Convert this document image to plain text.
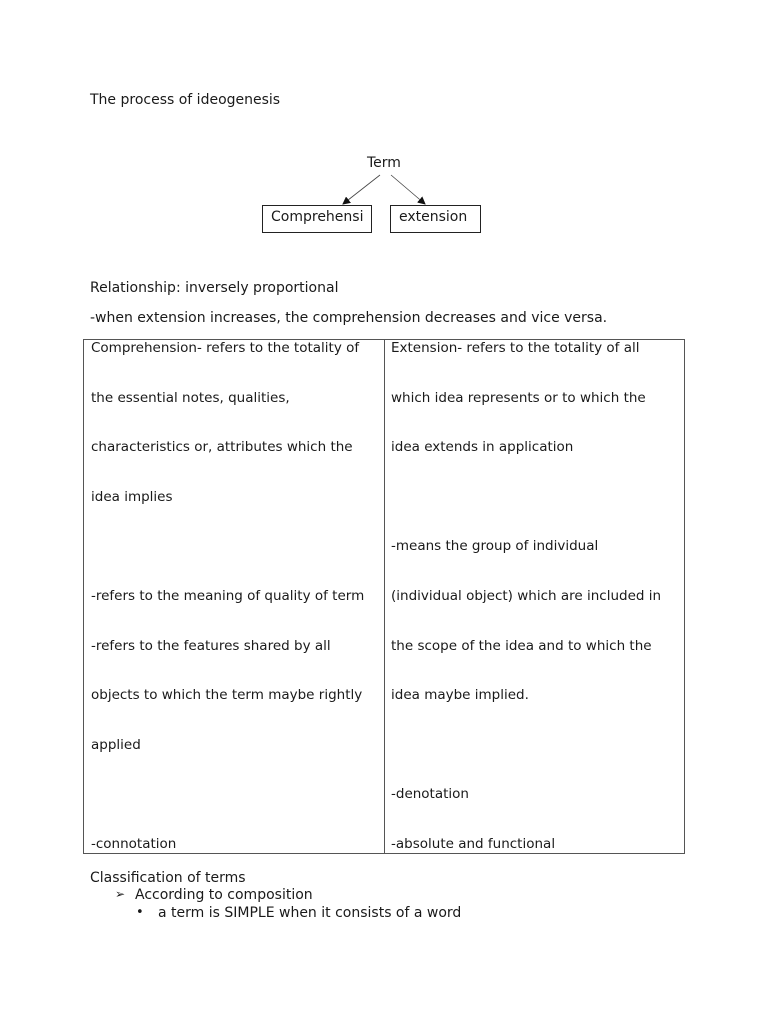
The process of ideogenesis
Term
Comprehensi	extension
Relationship: inversely proportional
-when extension increases, the comprehension decreases and vice versa.
Comprehension- refers to the totality of
the essential notes, qualities,
characteristics or, attributes which the
idea implies
-refers to the meaning of quality of term
-refers to the features shared by all
objects to which the term maybe rightly
applied
-connotation
Extension- refers to the totality of all
which idea represents or to which the
idea extends in application
-means the group of individual
(individual object) which are included in
the scope of the idea and to which the
idea maybe implied.
-denotation
-absolute and functional
Classification of terms
➢ According to composition
• a term is SIMPLE when it consists of a word
